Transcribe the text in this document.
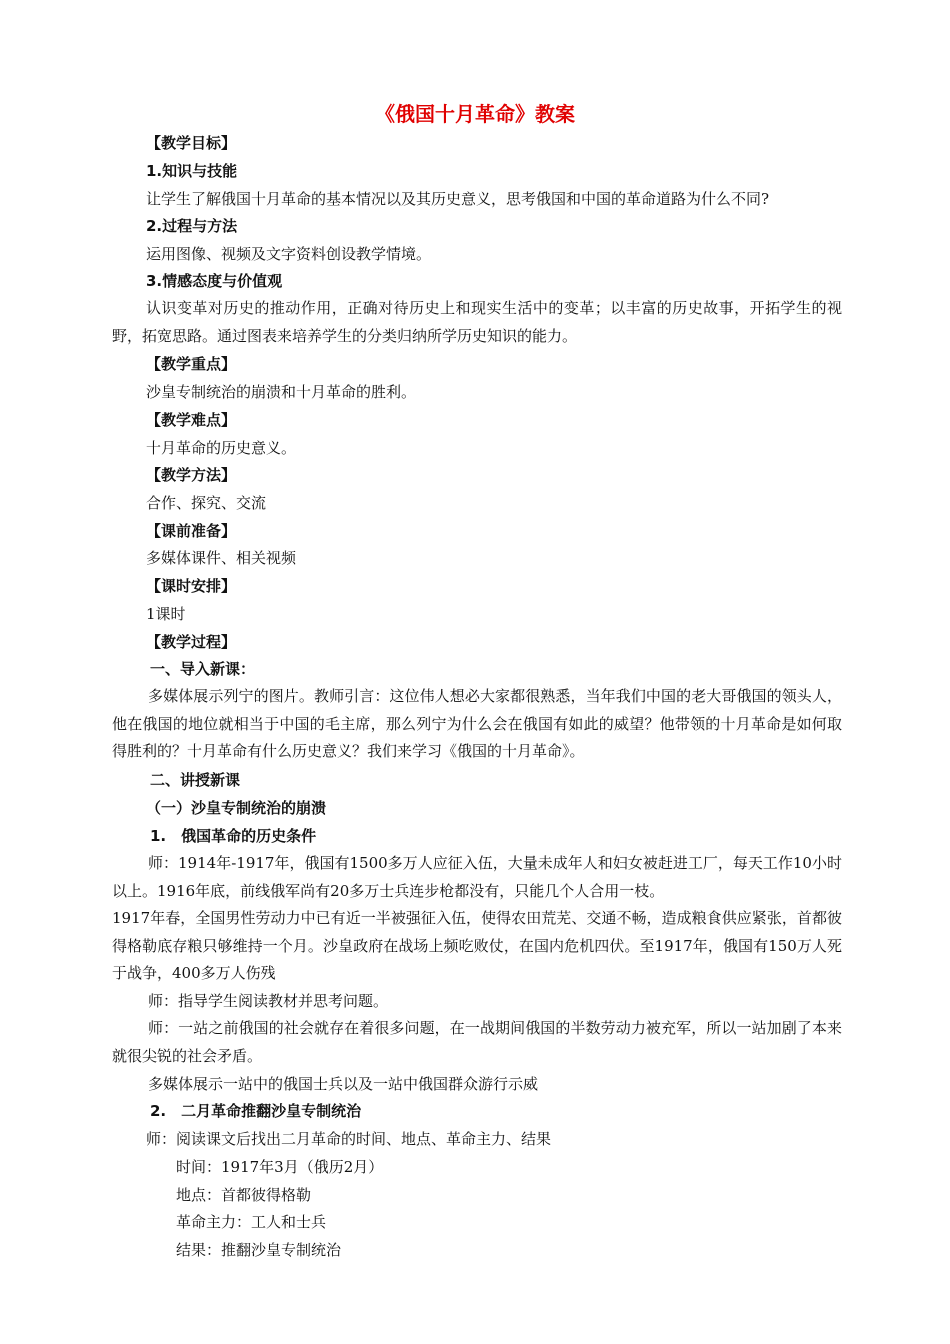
《俄国十月革命》教案
【教学目标】
1.知识与技能
让学生了解俄国十月革命的基本情况以及其历史意义，思考俄国和中国的革命道路为什么不同?
2.过程与方法
运用图像、视频及文字资料创设教学情境。
3.情感态度与价值观
认识变革对历史的推动作用，正确对待历史上和现实生活中的变革；以丰富的历史故事，开拓学生的视野，拓宽思路。通过图表来培养学生的分类归纳所学历史知识的能力。
【教学重点】
沙皇专制统治的崩溃和十月革命的胜利。
【教学难点】
十月革命的历史意义。
【教学方法】
合作、探究、交流
【课前准备】
多媒体课件、相关视频
【课时安排】
1课时
【教学过程】
一、导入新课：
多媒体展示列宁的图片。教师引言：这位伟人想必大家都很熟悉，当年我们中国的老大哥俄国的领头人，他在俄国的地位就相当于中国的毛主席，那么列宁为什么会在俄国有如此的威望？他带领的十月革命是如何取得胜利的？十月革命有什么历史意义？我们来学习《俄国的十月革命》。
二、讲授新课
（一）沙皇专制统治的崩溃
1.　俄国革命的历史条件
师：1914年-1917年，俄国有1500多万人应征入伍，大量未成年人和妇女被赶进工厂，每天工作10小时以上。1916年底，前线俄军尚有20多万士兵连步枪都没有，只能几个人合用一枝。
1917年春，全国男性劳动力中已有近一半被强征入伍，使得农田荒芜、交通不畅，造成粮食供应紧张，首都彼得格勒底存粮只够维持一个月。沙皇政府在战场上频吃败仗，在国内危机四伏。至1917年，俄国有150万人死于战争，400多万人伤残
师：指导学生阅读教材并思考问题。
师：一站之前俄国的社会就存在着很多问题，在一战期间俄国的半数劳动力被充军，所以一站加剧了本来就很尖锐的社会矛盾。
多媒体展示一站中的俄国士兵以及一站中俄国群众游行示威
2.　二月革命推翻沙皇专制统治
师：阅读课文后找出二月革命的时间、地点、革命主力、结果
时间：1917年3月（俄历2月）
地点：首都彼得格勒
革命主力：工人和士兵
结果：推翻沙皇专制统治
